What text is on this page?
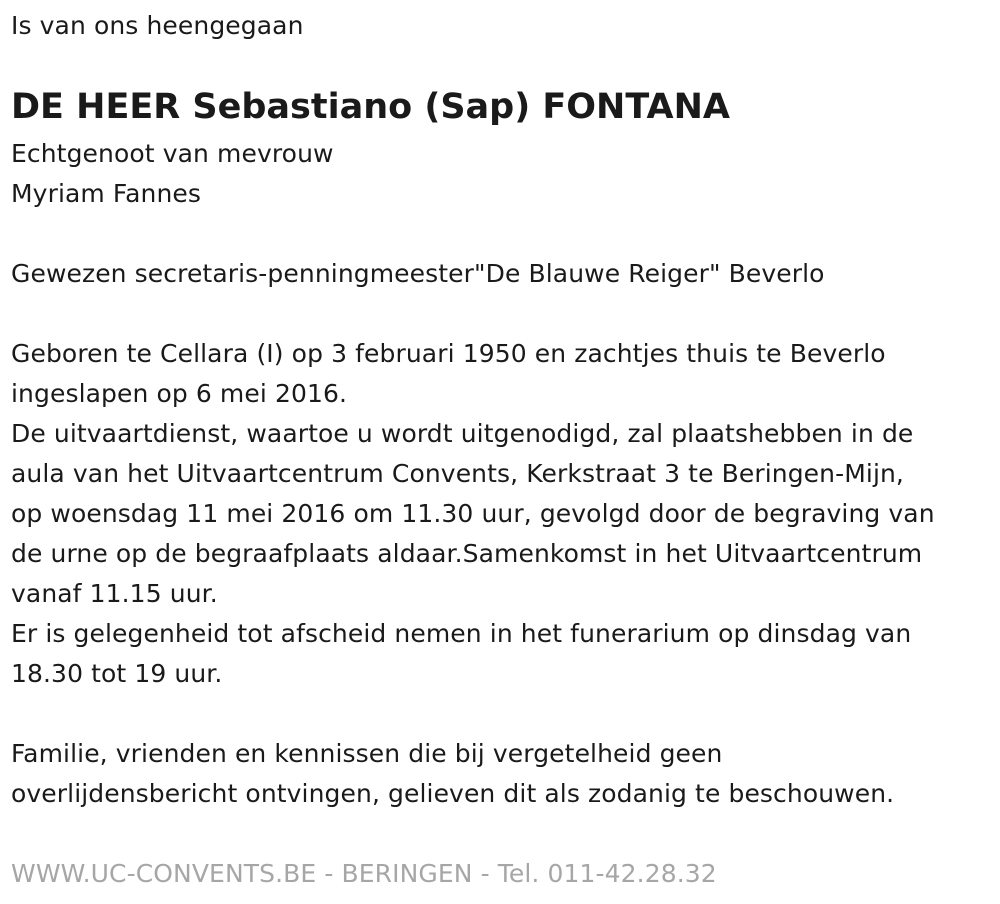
Is van ons heengegaan
DE HEER Sebastiano (Sap) FONTANA
Echtgenoot van mevrouw
Myriam Fannes
Gewezen secretaris-penningmeester"De Blauwe Reiger" Beverlo
Geboren te Cellara (I) op 3 februari 1950 en zachtjes thuis te Beverlo
ingeslapen op 6 mei 2016.
De uitvaartdienst, waartoe u wordt uitgenodigd, zal plaatshebben in de
aula van het Uitvaartcentrum Convents, Kerkstraat 3 te Beringen-Mijn,
op woensdag 11 mei 2016 om 11.30 uur, gevolgd door de begraving van
de urne op de begraafplaats aldaar.Samenkomst in het Uitvaartcentrum
vanaf 11.15 uur.
Er is gelegenheid tot afscheid nemen in het funerarium op dinsdag van
18.30 tot 19 uur.
Familie, vrienden en kennissen die bij vergetelheid geen
overlijdensbericht ontvingen, gelieven dit als zodanig te beschouwen.
WWW.UC-CONVENTS.BE - BERINGEN - Tel. 011-42.28.32
